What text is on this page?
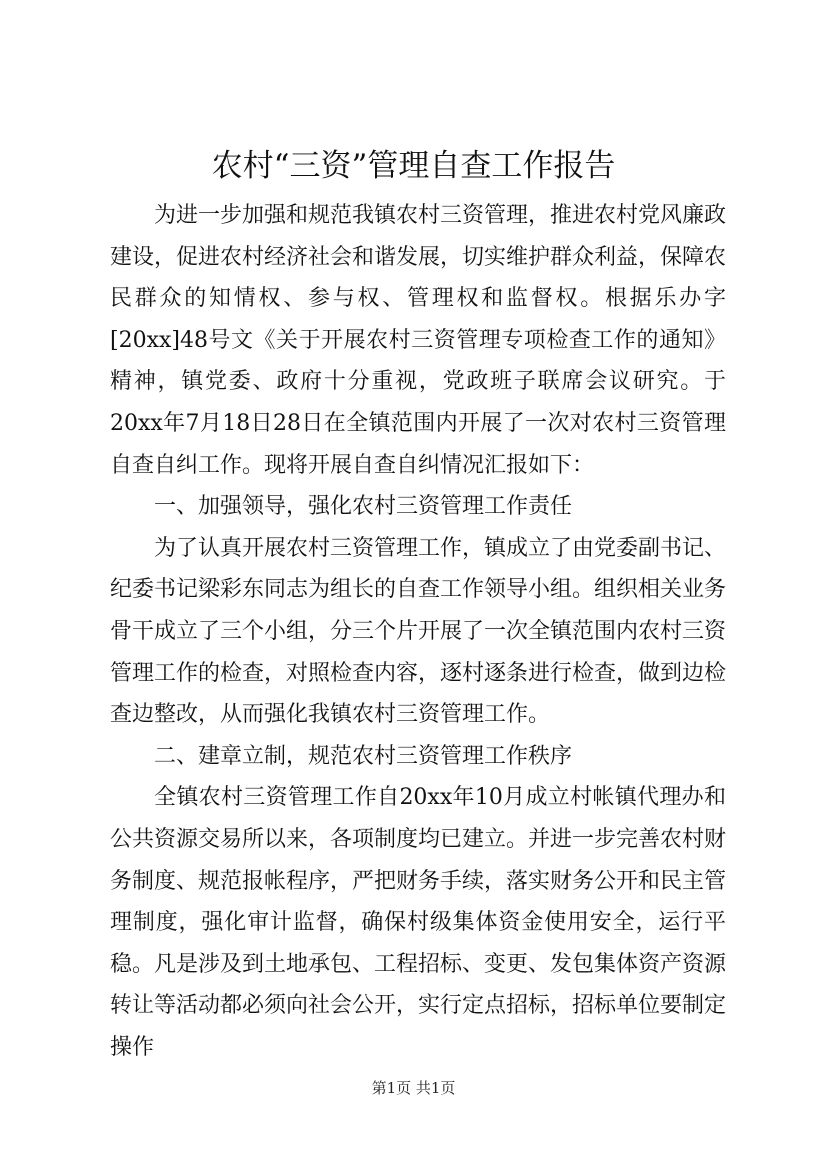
农村“三资”管理自查工作报告

为进一步加强和规范我镇农村三资管理，推进农村党风廉政建设，促进农村经济社会和谐发展，切实维护群众利益，保障农民群众的知情权、参与权、管理权和监督权。根据乐办字[20xx]48号文《关于开展农村三资管理专项检查工作的通知》精神，镇党委、政府十分重视，党政班子联席会议研究。于20xx年7月18日28日在全镇范围内开展了一次对农村三资管理自查自纠工作。现将开展自查自纠情况汇报如下：

一、加强领导，强化农村三资管理工作责任

为了认真开展农村三资管理工作，镇成立了由党委副书记、纪委书记梁彩东同志为组长的自查工作领导小组。组织相关业务骨干成立了三个小组，分三个片开展了一次全镇范围内农村三资管理工作的检查，对照检查内容，逐村逐条进行检查，做到边检查边整改，从而强化我镇农村三资管理工作。

二、建章立制，规范农村三资管理工作秩序

全镇农村三资管理工作自20xx年10月成立村帐镇代理办和公共资源交易所以来，各项制度均已建立。并进一步完善农村财务制度、规范报帐程序，严把财务手续，落实财务公开和民主管理制度，强化审计监督，确保村级集体资金使用安全，运行平稳。凡是涉及到土地承包、工程招标、变更、发包集体资产资源转让等活动都必须向社会公开，实行定点招标，招标单位要制定操作

第1页 共1页
